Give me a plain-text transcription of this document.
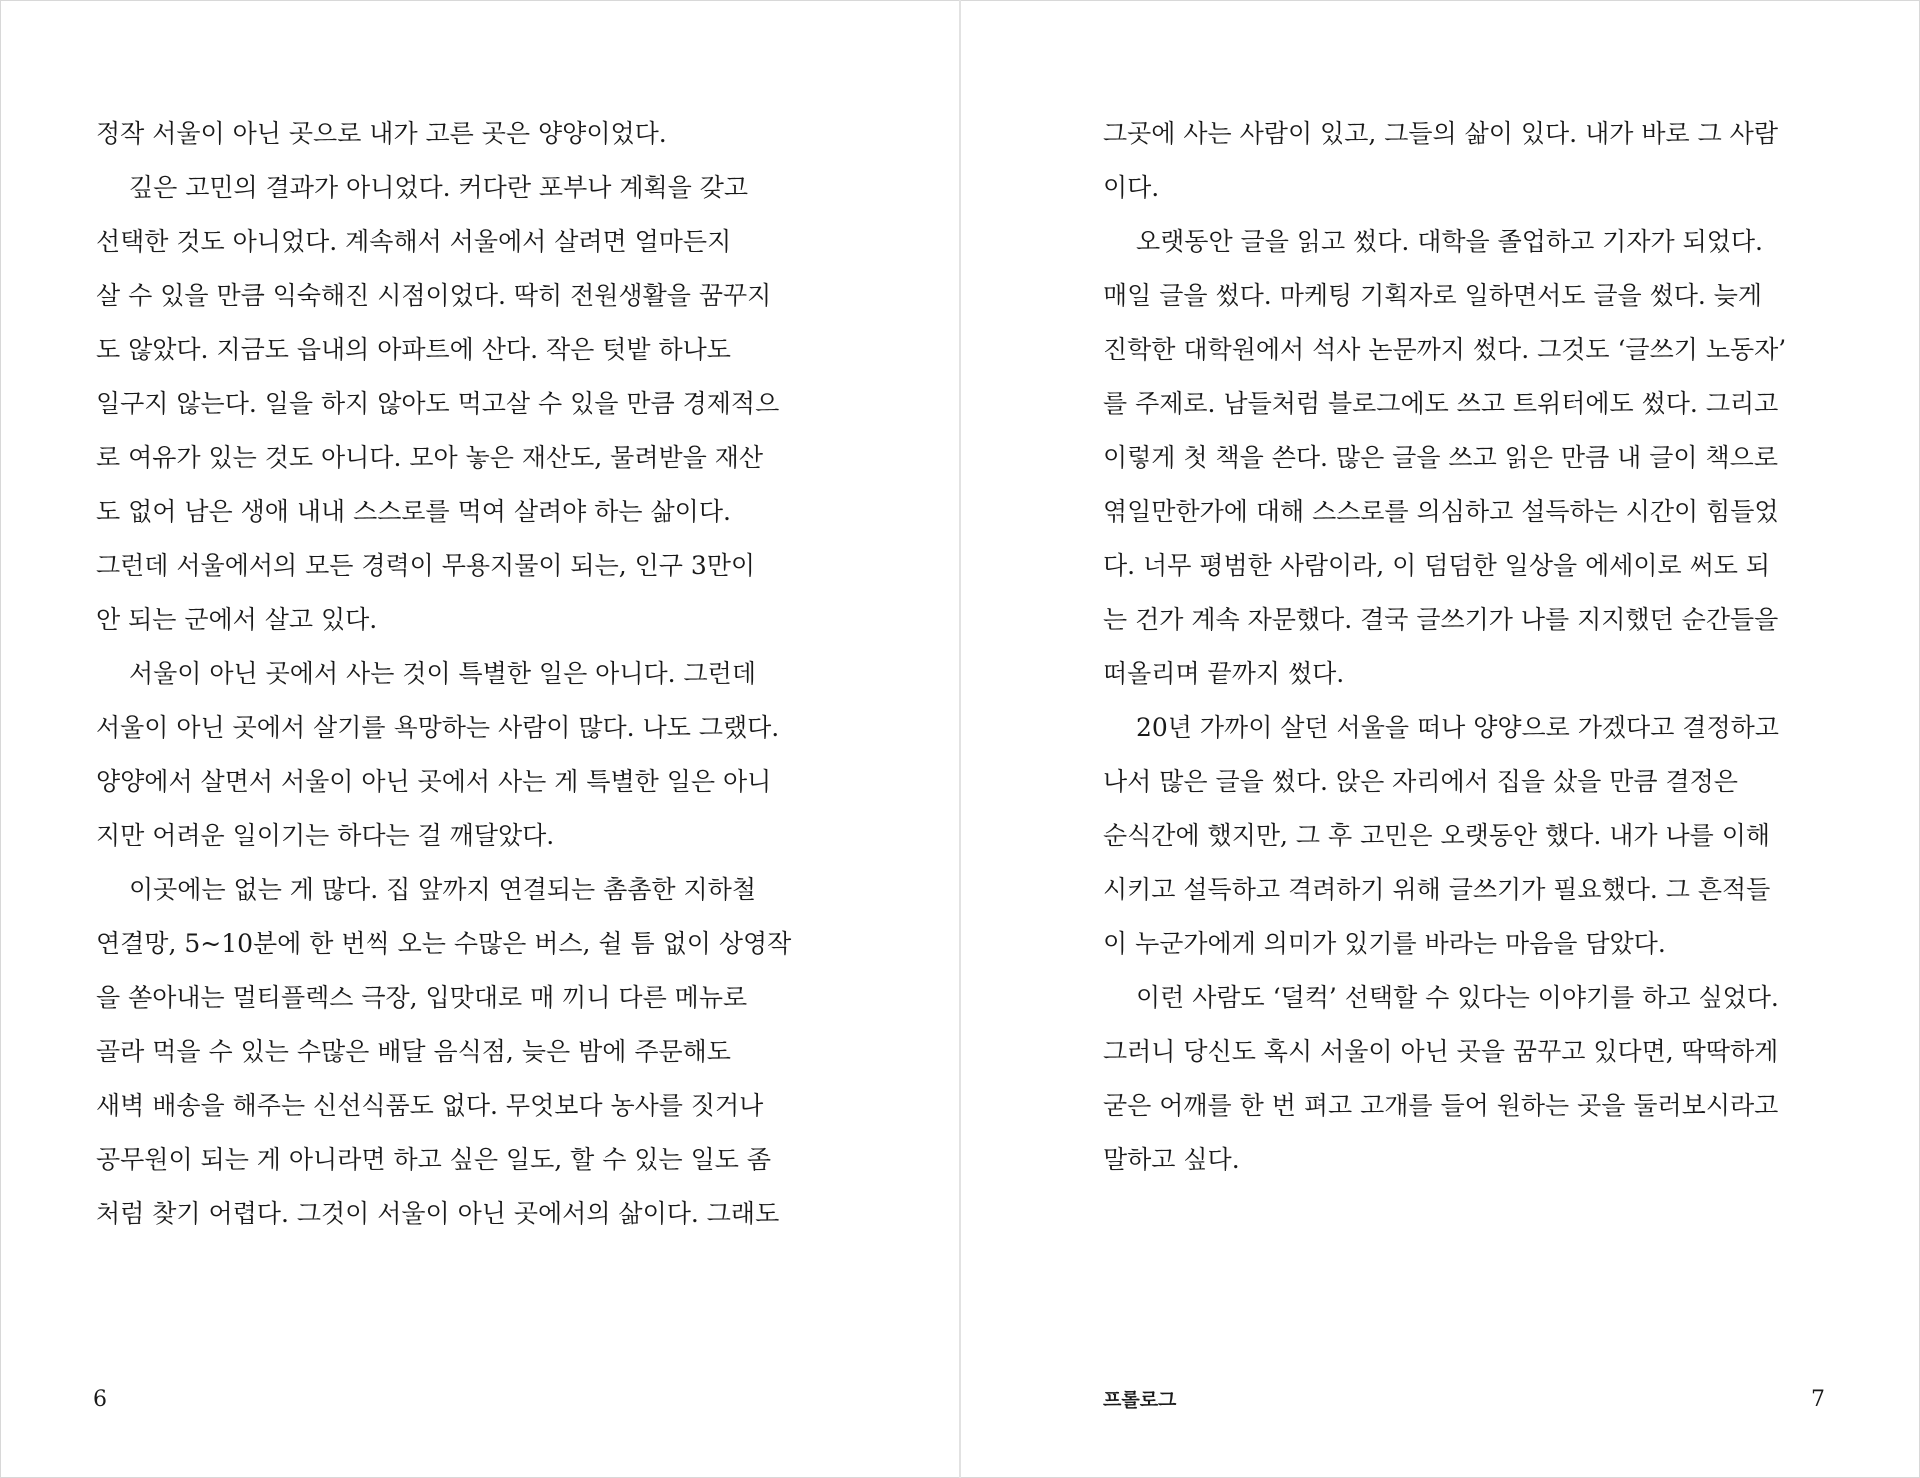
정작 서울이 아닌 곳으로 내가 고른 곳은 양양이었다.
깊은 고민의 결과가 아니었다. 커다란 포부나 계획을 갖고
선택한 것도 아니었다. 계속해서 서울에서 살려면 얼마든지
살 수 있을 만큼 익숙해진 시점이었다. 딱히 전원생활을 꿈꾸지
도 않았다. 지금도 읍내의 아파트에 산다. 작은 텃밭 하나도
일구지 않는다. 일을 하지 않아도 먹고살 수 있을 만큼 경제적으
로 여유가 있는 것도 아니다. 모아 놓은 재산도, 물려받을 재산
도 없어 남은 생애 내내 스스로를 먹여 살려야 하는 삶이다.
그런데 서울에서의 모든 경력이 무용지물이 되는, 인구 3만이
안 되는 군에서 살고 있다.
서울이 아닌 곳에서 사는 것이 특별한 일은 아니다. 그런데
서울이 아닌 곳에서 살기를 욕망하는 사람이 많다. 나도 그랬다.
양양에서 살면서 서울이 아닌 곳에서 사는 게 특별한 일은 아니
지만 어려운 일이기는 하다는 걸 깨달았다.
이곳에는 없는 게 많다. 집 앞까지 연결되는 촘촘한 지하철
연결망, 5~10분에 한 번씩 오는 수많은 버스, 쉴 틈 없이 상영작
을 쏟아내는 멀티플렉스 극장, 입맛대로 매 끼니 다른 메뉴로
골라 먹을 수 있는 수많은 배달 음식점, 늦은 밤에 주문해도
새벽 배송을 해주는 신선식품도 없다. 무엇보다 농사를 짓거나
공무원이 되는 게 아니라면 하고 싶은 일도, 할 수 있는 일도 좀
처럼 찾기 어렵다. 그것이 서울이 아닌 곳에서의 삶이다. 그래도
그곳에 사는 사람이 있고, 그들의 삶이 있다. 내가 바로 그 사람
이다.
오랫동안 글을 읽고 썼다. 대학을 졸업하고 기자가 되었다.
매일 글을 썼다. 마케팅 기획자로 일하면서도 글을 썼다. 늦게
진학한 대학원에서 석사 논문까지 썼다. 그것도 ‘글쓰기 노동자’
를 주제로. 남들처럼 블로그에도 쓰고 트위터에도 썼다. 그리고
이렇게 첫 책을 쓴다. 많은 글을 쓰고 읽은 만큼 내 글이 책으로
엮일만한가에 대해 스스로를 의심하고 설득하는 시간이 힘들었
다. 너무 평범한 사람이라, 이 덤덤한 일상을 에세이로 써도 되
는 건가 계속 자문했다. 결국 글쓰기가 나를 지지했던 순간들을
떠올리며 끝까지 썼다.
20년 가까이 살던 서울을 떠나 양양으로 가겠다고 결정하고
나서 많은 글을 썼다. 앉은 자리에서 집을 샀을 만큼 결정은
순식간에 했지만, 그 후 고민은 오랫동안 했다. 내가 나를 이해
시키고 설득하고 격려하기 위해 글쓰기가 필요했다. 그 흔적들
이 누군가에게 의미가 있기를 바라는 마음을 담았다.
이런 사람도 ‘덜컥’ 선택할 수 있다는 이야기를 하고 싶었다.
그러니 당신도 혹시 서울이 아닌 곳을 꿈꾸고 있다면, 딱딱하게
굳은 어깨를 한 번 펴고 고개를 들어 원하는 곳을 둘러보시라고
말하고 싶다.
6	프롤로그	7
